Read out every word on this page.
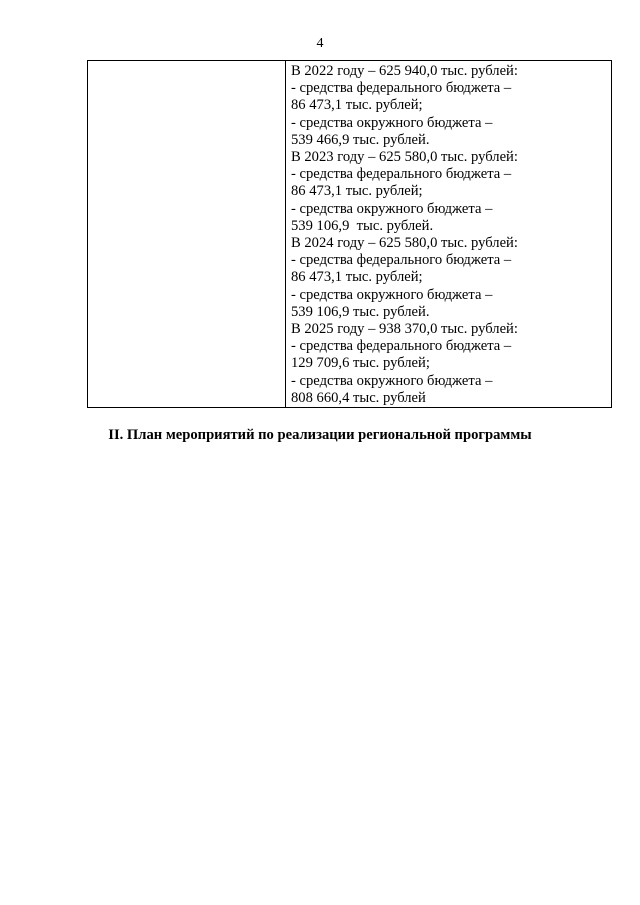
4

В 2022 году – 625 940,0 тыс. рублей:
- средства федерального бюджета –
86 473,1 тыс. рублей;
- средства окружного бюджета –
539 466,9 тыс. рублей.
В 2023 году – 625 580,0 тыс. рублей:
- средства федерального бюджета –
86 473,1 тыс. рублей;
- средства окружного бюджета –
539 106,9  тыс. рублей.
В 2024 году – 625 580,0 тыс. рублей:
- средства федерального бюджета –
86 473,1 тыс. рублей;
- средства окружного бюджета –
539 106,9 тыс. рублей.
В 2025 году – 938 370,0 тыс. рублей:
- средства федерального бюджета –
129 709,6 тыс. рублей;
- средства окружного бюджета –
808 660,4 тыс. рублей
II. План мероприятий по реализации региональной программы
